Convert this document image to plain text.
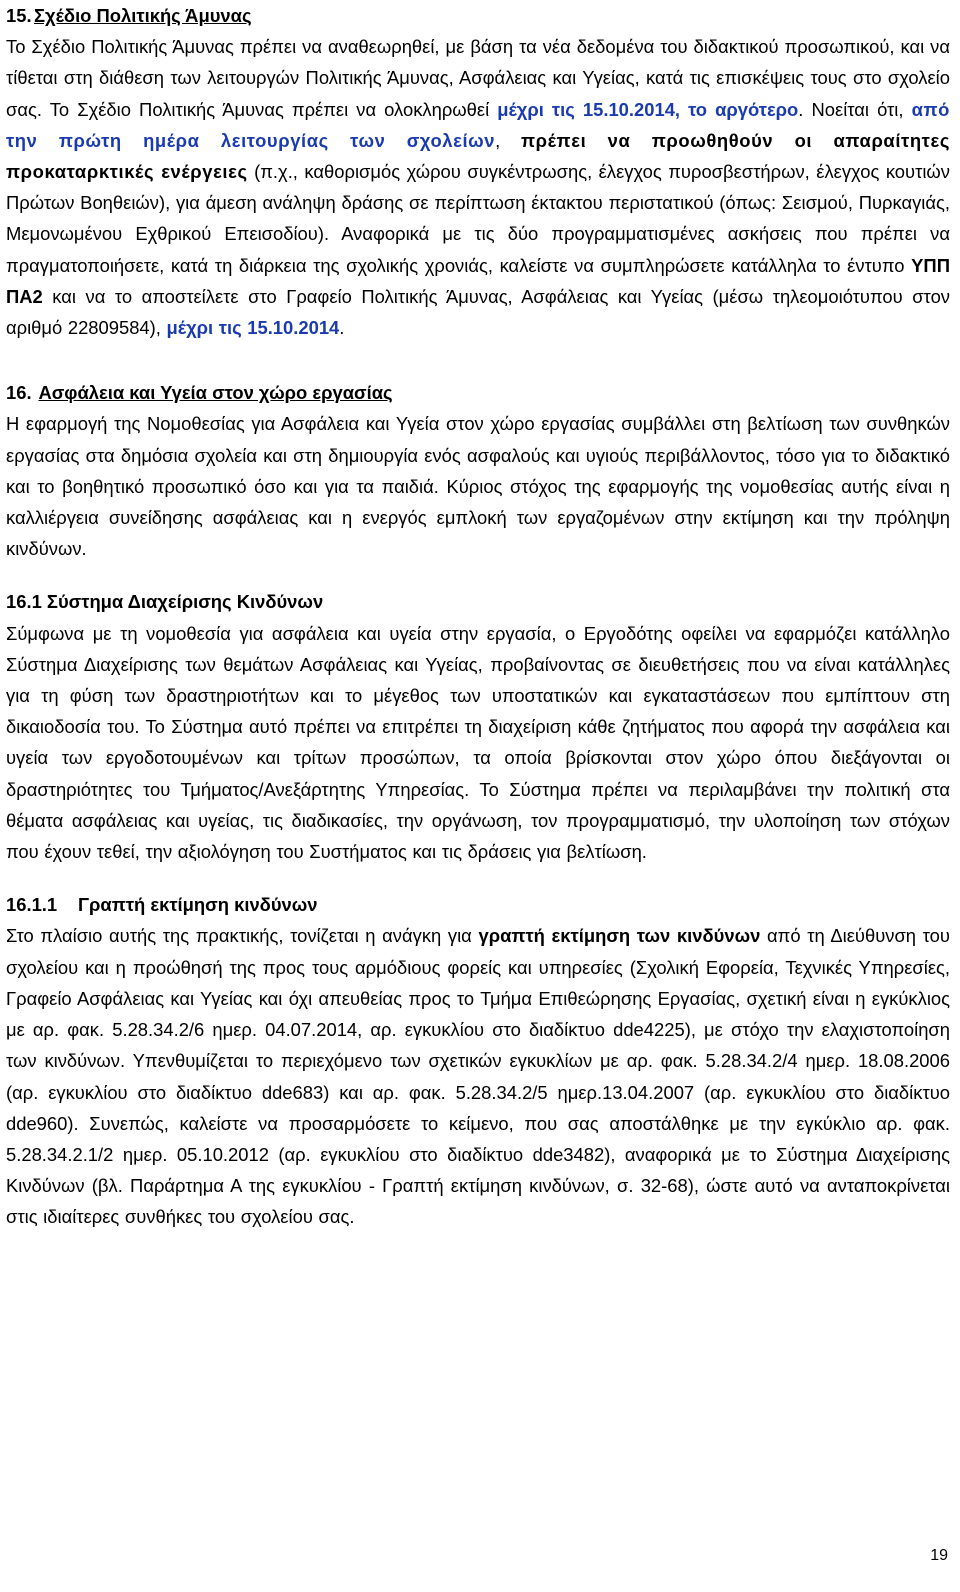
15. Σχέδιο Πολιτικής Άμυνας

Το Σχέδιο Πολιτικής Άμυνας πρέπει να αναθεωρηθεί, με βάση τα νέα δεδομένα του διδακτικού προσωπικού, και να τίθεται στη διάθεση των λειτουργών Πολιτικής Άμυνας, Ασφάλειας και Υγείας, κατά τις επισκέψεις τους στο σχολείο σας. Το Σχέδιο Πολιτικής Άμυνας πρέπει να ολοκληρωθεί μέχρι τις 15.10.2014, το αργότερο. Νοείται ότι, από την πρώτη ημέρα λειτουργίας των σχολείων, πρέπει να προωθηθούν οι απαραίτητες προκαταρκτικές ενέργειες (π.χ., καθορισμός χώρου συγκέντρωσης, έλεγχος πυροσβεστήρων, έλεγχος κουτιών Πρώτων Βοηθειών), για άμεση ανάληψη δράσης σε περίπτωση έκτακτου περιστατικού (όπως: Σεισμού, Πυρκαγιάς, Μεμονωμένου Εχθρικού Επεισοδίου). Αναφορικά με τις δύο προγραμματισμένες ασκήσεις που πρέπει να πραγματοποιήσετε, κατά τη διάρκεια της σχολικής χρονιάς, καλείστε να συμπληρώσετε κατάλληλα το έντυπο ΥΠΠ ΠΑ2 και να το αποστείλετε στο Γραφείο Πολιτικής Άμυνας, Ασφάλειας και Υγείας (μέσω τηλεομοιότυπου στον αριθμό 22809584), μέχρι τις 15.10.2014.

16. Ασφάλεια και Υγεία στον χώρο εργασίας

Η εφαρμογή της Νομοθεσίας για Ασφάλεια και Υγεία στον χώρο εργασίας συμβάλλει στη βελτίωση των συνθηκών εργασίας στα δημόσια σχολεία και στη δημιουργία ενός ασφαλούς και υγιούς περιβάλλοντος, τόσο για το διδακτικό και το βοηθητικό προσωπικό όσο και για τα παιδιά. Κύριος στόχος της εφαρμογής της νομοθεσίας αυτής είναι η καλλιέργεια συνείδησης ασφάλειας και η ενεργός εμπλοκή των εργαζομένων στην εκτίμηση και την πρόληψη κινδύνων.

16.1 Σύστημα Διαχείρισης Κινδύνων

Σύμφωνα με τη νομοθεσία για ασφάλεια και υγεία στην εργασία, ο Εργοδότης οφείλει να εφαρμόζει κατάλληλο Σύστημα Διαχείρισης των θεμάτων Ασφάλειας και Υγείας, προβαίνοντας σε διευθετήσεις που να είναι κατάλληλες για τη φύση των δραστηριοτήτων και το μέγεθος των υποστατικών και εγκαταστάσεων που εμπίπτουν στη δικαιοδοσία του. Το Σύστημα αυτό πρέπει να επιτρέπει τη διαχείριση κάθε ζητήματος που αφορά την ασφάλεια και υγεία των εργοδοτουμένων και τρίτων προσώπων, τα οποία βρίσκονται στον χώρο όπου διεξάγονται οι δραστηριότητες του Τμήματος/Ανεξάρτητης Υπηρεσίας. Το Σύστημα πρέπει να περιλαμβάνει την πολιτική στα θέματα ασφάλειας και υγείας, τις διαδικασίες, την οργάνωση, τον προγραμματισμό, την υλοποίηση των στόχων που έχουν τεθεί, την αξιολόγηση του Συστήματος και τις δράσεις για βελτίωση.

16.1.1 Γραπτή εκτίμηση κινδύνων

Στο πλαίσιο αυτής της πρακτικής, τονίζεται η ανάγκη για γραπτή εκτίμηση των κινδύνων από τη Διεύθυνση του σχολείου και η προώθησή της προς τους αρμόδιους φορείς και υπηρεσίες (Σχολική Εφορεία, Τεχνικές Υπηρεσίες, Γραφείο Ασφάλειας και Υγείας και όχι απευθείας προς το Τμήμα Επιθεώρησης Εργασίας, σχετική είναι η εγκύκλιος με αρ. φακ. 5.28.34.2/6 ημερ. 04.07.2014, αρ. εγκυκλίου στο διαδίκτυο dde4225), με στόχο την ελαχιστοποίηση των κινδύνων. Υπενθυμίζεται το περιεχόμενο των σχετικών εγκυκλίων με αρ. φακ. 5.28.34.2/4 ημερ. 18.08.2006 (αρ. εγκυκλίου στο διαδίκτυο dde683) και αρ. φακ. 5.28.34.2/5 ημερ.13.04.2007 (αρ. εγκυκλίου στο διαδίκτυο dde960). Συνεπώς, καλείστε να προσαρμόσετε το κείμενο, που σας αποστάλθηκε με την εγκύκλιο αρ. φακ. 5.28.34.2.1/2 ημερ. 05.10.2012 (αρ. εγκυκλίου στο διαδίκτυο dde3482), αναφορικά με το Σύστημα Διαχείρισης Κινδύνων (βλ. Παράρτημα Α της εγκυκλίου - Γραπτή εκτίμηση κινδύνων, σ. 32-68), ώστε αυτό να ανταποκρίνεται στις ιδιαίτερες συνθήκες του σχολείου σας.

19
